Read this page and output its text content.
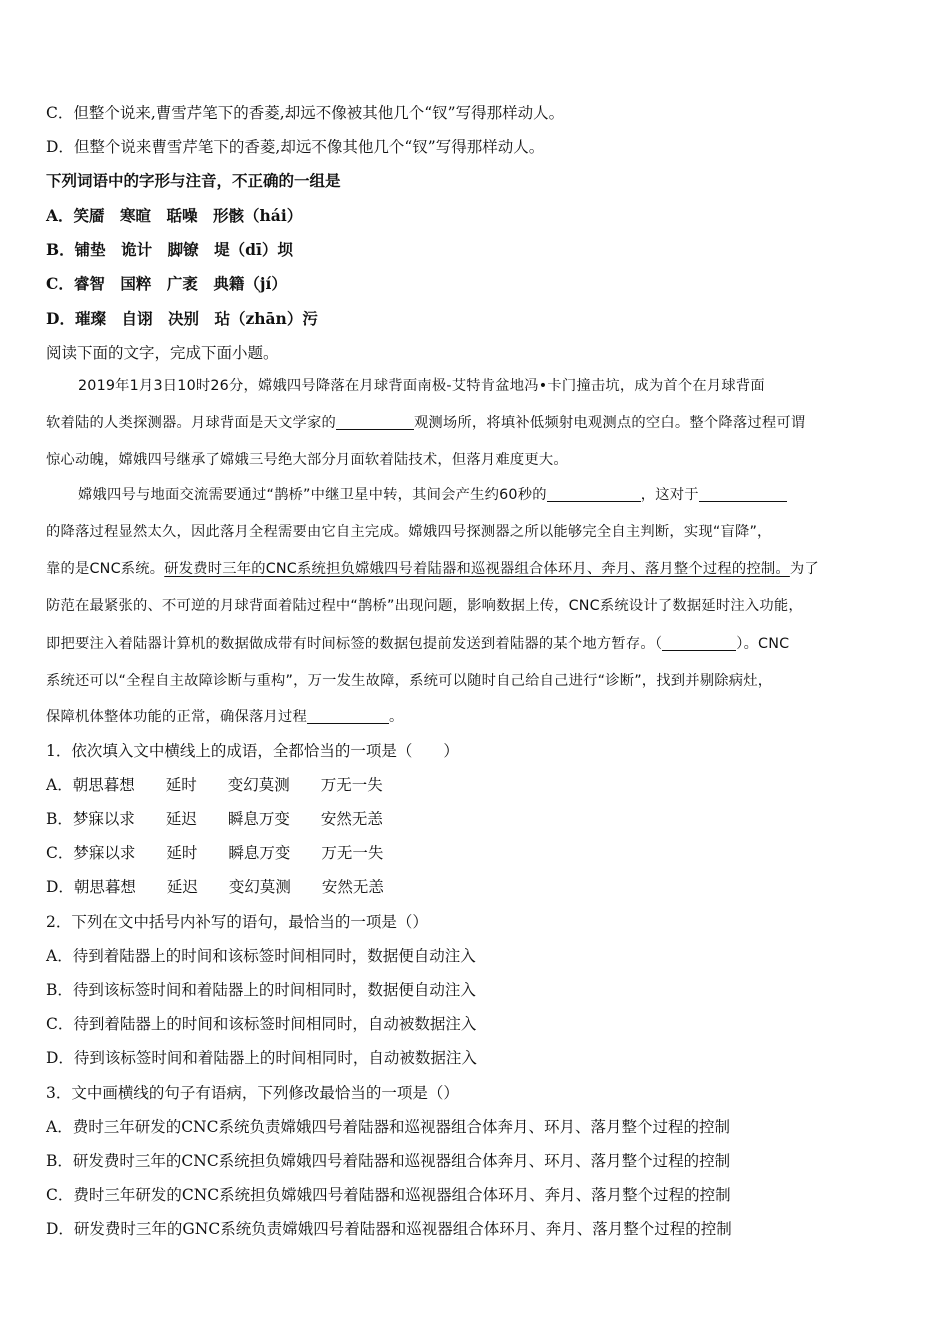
C．但整个说来,曹雪芹笔下的香菱,却远不像被其他几个“钗”写得那样动人。
D．但整个说来曹雪芹笔下的香菱,却远不像其他几个“钗”写得那样动人。
下列词语中的字形与注音，不正确的一组是
A．笑靥　寒暄　聒噪　形骸（hái）
B．铺垫　诡计　脚镣　堤（dī）坝
C．睿智　国粹　广袤　典籍（jí）
D．璀璨　自诩　决别　玷（zhān）污
阅读下面的文字，完成下面小题。
2019年1月3日10时26分，嫦娥四号降落在月球背面南极-艾特肯盆地冯•卡门撞击坑，成为首个在月球背面
软着陆的人类探测器。月球背面是天文学家的	观测场所，将填补低频射电观测点的空白。整个降落过程可谓
惊心动魄，嫦娥四号继承了嫦娥三号绝大部分月面软着陆技术，但落月难度更大。
嫦娥四号与地面交流需要通过“鹊桥”中继卫星中转，其间会产生约60秒的	，这对于
的降落过程显然太久，因此落月全程需要由它自主完成。嫦娥四号探测器之所以能够完全自主判断，实现“盲降”，
靠的是CNC系统。研发费时三年的CNC系统担负嫦娥四号着陆器和巡视器组合体环月、奔月、落月整个过程的控制。为了
防范在最紧张的、不可逆的月球背面着陆过程中“鹊桥”出现问题，影响数据上传，CNC系统设计了数据延时注入功能，
即把要注入着陆器计算机的数据做成带有时间标签的数据包提前发送到着陆器的某个地方暂存。（	）。CNC
系统还可以“全程自主故障诊断与重构”，万一发生故障，系统可以随时自己给自己进行“诊断”，找到并剔除病灶，
保障机体整体功能的正常，确保落月过程	。
1．依次填入文中横线上的成语，全都恰当的一项是（　　）
A．朝思暮想　　延时　　变幻莫测　　万无一失
B．梦寐以求　　延迟　　瞬息万变　　安然无恙
C．梦寐以求　　延时　　瞬息万变　　万无一失
D．朝思暮想　　延迟　　变幻莫测　　安然无恙
2．下列在文中括号内补写的语句，最恰当的一项是（）
A．待到着陆器上的时间和该标签时间相同时，数据便自动注入
B．待到该标签时间和着陆器上的时间相同时，数据便自动注入
C．待到着陆器上的时间和该标签时间相同时，自动被数据注入
D．待到该标签时间和着陆器上的时间相同时，自动被数据注入
3．文中画横线的句子有语病，下列修改最恰当的一项是（）
A．费时三年研发的CNC系统负责嫦娥四号着陆器和巡视器组合体奔月、环月、落月整个过程的控制
B．研发费时三年的CNC系统担负嫦娥四号着陆器和巡视器组合体奔月、环月、落月整个过程的控制
C．费时三年研发的CNC系统担负嫦娥四号着陆器和巡视器组合体环月、奔月、落月整个过程的控制
D．研发费时三年的GNC系统负责嫦娥四号着陆器和巡视器组合体环月、奔月、落月整个过程的控制
